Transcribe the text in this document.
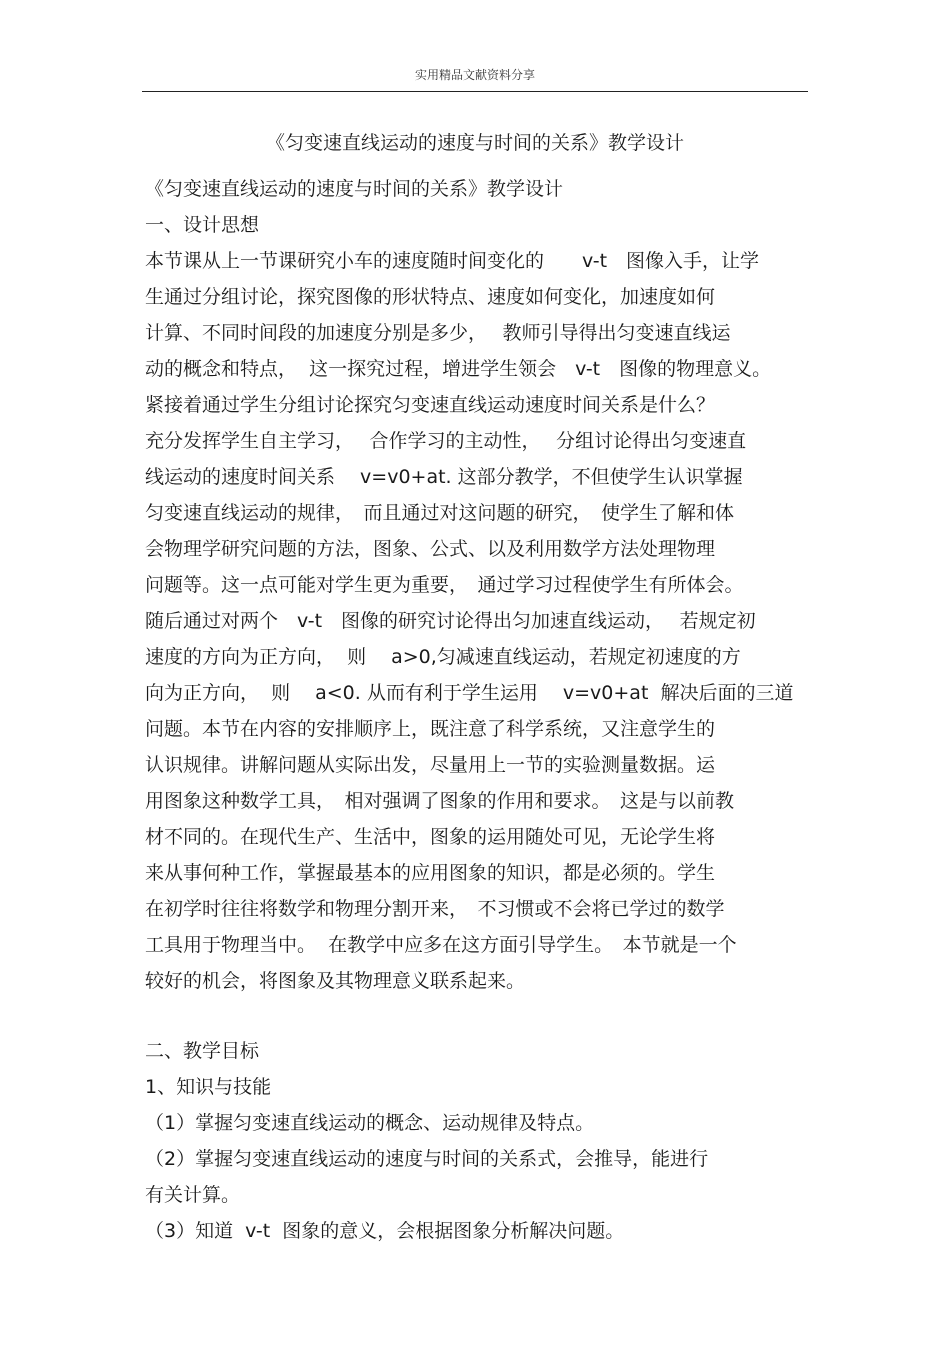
实用精品文献资料分享
《匀变速直线运动的速度与时间的关系》教学设计
《匀变速直线运动的速度与时间的关系》教学设计
一、设计思想
本节课从上一节课研究小车的速度随时间变化的　　v-t　图像入手，让学
生通过分组讨论，探究图像的形状特点、速度如何变化，加速度如何
计算、不同时间段的加速度分别是多少，　 教师引导得出匀变速直线运
动的概念和特点，  这一探究过程，增进学生领会　v-t　图像的物理意义。
紧接着通过学生分组讨论探究匀变速直线运动速度时间关系是什么？
充分发挥学生自主学习，　 合作学习的主动性，　 分组讨论得出匀变速直
线运动的速度时间关系　 v=v0+at. 这部分教学，不但使学生认识掌握
匀变速直线运动的规律，　而且通过对这问题的研究，　使学生了解和体
会物理学研究问题的方法，图象、公式、以及利用数学方法处理物理
问题等。这一点可能对学生更为重要，　通过学习过程使学生有所体会。
随后通过对两个　v-t　图像的研究讨论得出匀加速直线运动，　 若规定初
速度的方向为正方向，  则　 a>0,匀减速直线运动，若规定初速度的方
向为正方向，  则　 a<0. 从而有利于学生运用　 v=v0+at  解决后面的三道
问题。本节在内容的安排顺序上，既注意了科学系统，又注意学生的
认识规律。讲解问题从实际出发，尽量用上一节的实验测量数据。运
用图象这种数学工具，　相对强调了图象的作用和要求。　这是与以前教
材不同的。在现代生产、生活中，图象的运用随处可见，无论学生将
来从事何种工作，掌握最基本的应用图象的知识，都是必须的。学生
在初学时往往将数学和物理分割开来，　不习惯或不会将已学过的数学
工具用于物理当中。  在教学中应多在这方面引导学生。　本节就是一个
较好的机会，将图象及其物理意义联系起来。
二、教学目标
1、知识与技能
（1）掌握匀变速直线运动的概念、运动规律及特点。
（2）掌握匀变速直线运动的速度与时间的关系式，会推导，能进行
有关计算。
（3）知道  v-t  图象的意义，会根据图象分析解决问题。
